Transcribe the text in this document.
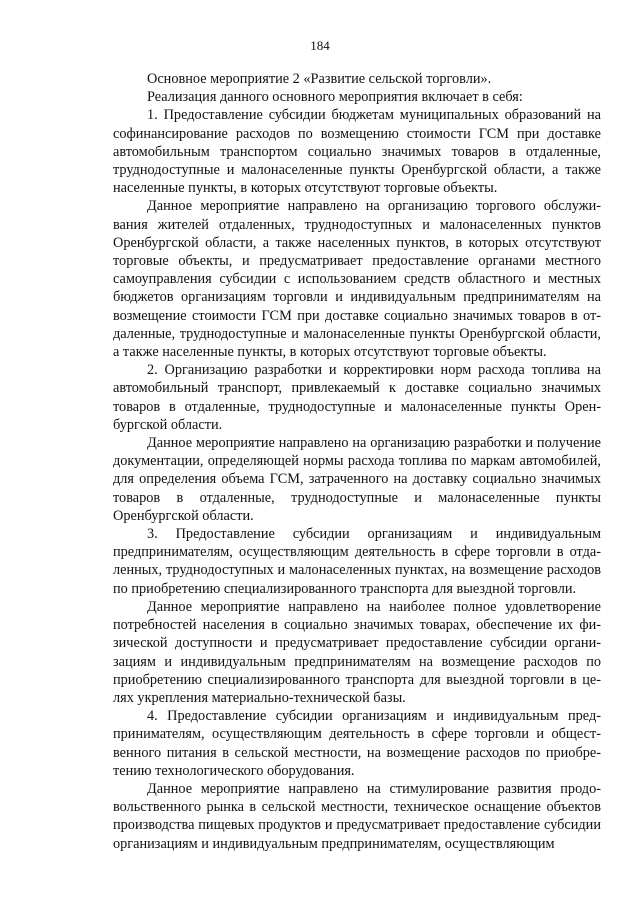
184

Основное мероприятие 2 «Развитие сельской торговли».

Реализация данного основного мероприятия включает в себя:

1. Предоставление субсидии бюджетам муниципальных образований на софинансирование расходов по возмещению стоимости ГСМ при доставке автомобильным транспортом социально значимых товаров в отдаленные, труднодоступные и малонаселенные пункты Оренбургской области, а также населенные пункты, в которых отсутствуют торговые объекты.

Данное мероприятие направлено на организацию торгового обслуживания жителей отдаленных, труднодоступных и малонаселенных пунктов Оренбургской области, а также населенных пунктов, в которых отсутствуют торговые объекты, и предусматривает предоставление органами местного самоуправления субсидии с использованием средств областного и местных бюджетов организациям торговли и индивидуальным предпринимателям на возмещение стоимости ГСМ при доставке социально значимых товаров в отдаленные, труднодоступные и малонаселенные пункты Оренбургской области, а также населенные пункты, в которых отсутствуют торговые объекты.

2. Организацию разработки и корректировки норм расхода топлива на автомобильный транспорт, привлекаемый к доставке социально значимых товаров в отдаленные, труднодоступные и малонаселенные пункты Оренбургской области.

Данное мероприятие направлено на организацию разработки и получение документации, определяющей нормы расхода топлива по маркам автомобилей, для определения объема ГСМ, затраченного на доставку социально значимых товаров в отдаленные, труднодоступные и малонаселенные пункты Оренбургской области.

3. Предоставление субсидии организациям и индивидуальным предпринимателям, осуществляющим деятельность в сфере торговли в отдаленных, труднодоступных и малонаселенных пунктах, на возмещение расходов по приобретению специализированного транспорта для выездной торговли.

Данное мероприятие направлено на наиболее полное удовлетворение потребностей населения в социально значимых товарах, обеспечение их физической доступности и предусматривает предоставление субсидии организациям и индивидуальным предпринимателям на возмещение расходов по приобретению специализированного транспорта для выездной торговли в целях укрепления материально-технической базы.

4. Предоставление субсидии организациям и индивидуальным предпринимателям, осуществляющим деятельность в сфере торговли и общественного питания в сельской местности, на возмещение расходов по приобретению технологического оборудования.

Данное мероприятие направлено на стимулирование развития продовольственного рынка в сельской местности, техническое оснащение объектов производства пищевых продуктов и предусматривает предоставление субсидии организациям и индивидуальным предпринимателям, осуществляющим
